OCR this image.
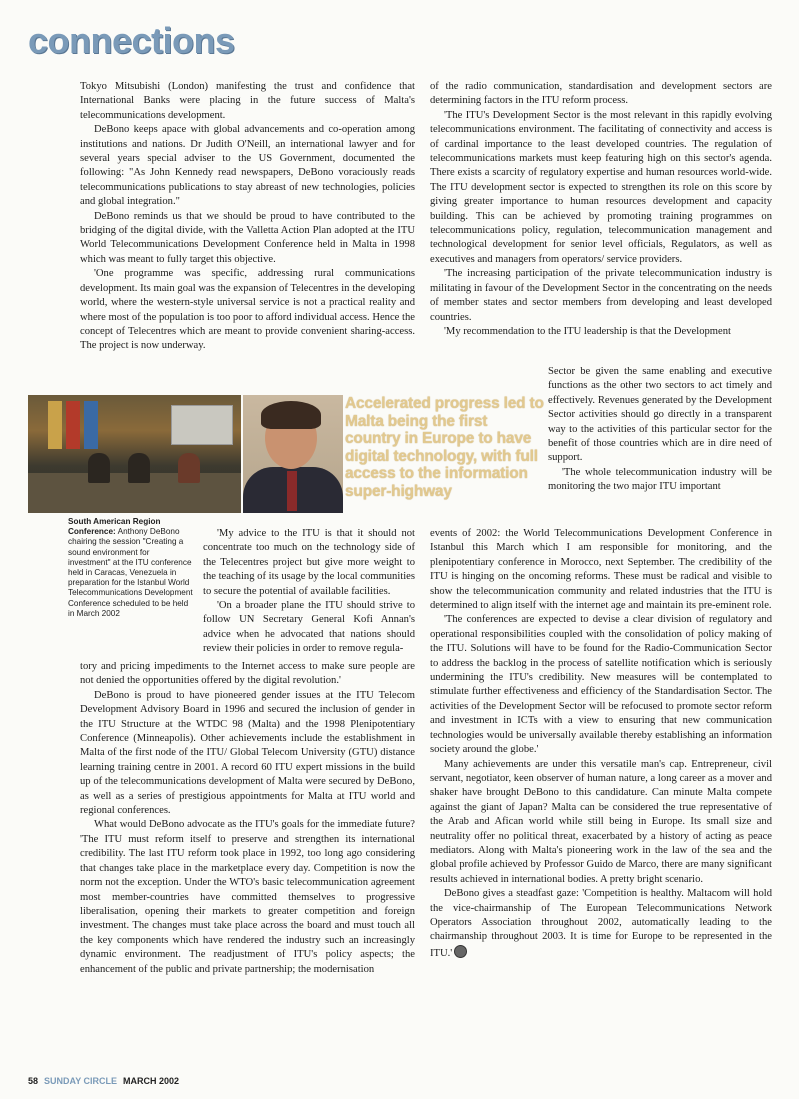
connections

Tokyo Mitsubishi (London) manifesting the trust and confidence that International Banks were placing in the future success of Malta's telecommunications development.

DeBono keeps apace with global advancements and co-operation among institutions and nations. Dr Judith O'Neill, an international lawyer and for several years special adviser to the US Government, documented the following: "As John Kennedy read newspapers, DeBono voraciously reads telecommunications publications to stay abreast of new technologies, policies and global integration."

DeBono reminds us that we should be proud to have contributed to the bridging of the digital divide, with the Valletta Action Plan adopted at the ITU World Telecommunications Development Conference held in Malta in 1998 which was meant to fully target this objective.

'One programme was specific, addressing rural communications development. Its main goal was the expansion of Telecentres in the developing world, where the western-style universal service is not a practical reality and where most of the population is too poor to afford individual access. Hence the concept of Telecentres which are meant to provide convenient sharing-access. The project is now underway.

of the radio communication, standardisation and development sectors are determining factors in the ITU reform process.

'The ITU's Development Sector is the most relevant in this rapidly evolving telecommunications environment. The facilitating of connectivity and access is of cardinal importance to the least developed countries. The regulation of telecommunications markets must keep featuring high on this sector's agenda. There exists a scarcity of regulatory expertise and human resources world-wide. The ITU development sector is expected to strengthen its role on this score by giving greater importance to human resources development and capacity building. This can be achieved by promoting training programmes on telecommunications policy, regulation, telecommunication management and technological development for senior level officials, Regulators, as well as executives and managers from operators/ service providers.

'The increasing participation of the private telecommunication industry is militating in favour of the Development Sector in the concentrating on the needs of member states and sector members from developing and least developed countries.

'My recommendation to the ITU leadership is that the Development

Accelerated progress led to Malta being the first country in Europe to have digital technology, with full access to the information super-highway

Sector be given the same enabling and executive functions as the other two sectors to act timely and effectively. Revenues generated by the Development Sector activities should go directly in a transparent way to the activities of this particular sector for the benefit of those countries which are in dire need of support.

'The whole telecommunication industry will be monitoring the two major ITU important

South American Region Conference: Anthony DeBono chairing the session "Creating a sound environment for investment" at the ITU conference held in Caracas, Venezuela in preparation for the Istanbul World Telecommunications Development Conference scheduled to be held in March 2002

'My advice to the ITU is that it should not concentrate too much on the technology side of the Telecentres project but give more weight to the teaching of its usage by the local communities to secure the potential of available facilities.

'On a broader plane the ITU should strive to follow UN Secretary General Kofi Annan's advice when he advocated that nations should review their policies in order to remove regula-

tory and pricing impediments to the Internet access to make sure people are not denied the opportunities offered by the digital revolution.'

DeBono is proud to have pioneered gender issues at the ITU Telecom Development Advisory Board in 1996 and secured the inclusion of gender in the ITU Structure at the WTDC 98 (Malta) and the 1998 Plenipotentiary Conference (Minneapolis). Other achievements include the establishment in Malta of the first node of the ITU/ Global Telecom University (GTU) distance learning training centre in 2001. A record 60 ITU expert missions in the build up of the telecommunications development of Malta were secured by DeBono, as well as a series of prestigious appointments for Malta at ITU world and regional conferences.

What would DeBono advocate as the ITU's goals for the immediate future? 'The ITU must reform itself to preserve and strengthen its international credibility. The last ITU reform took place in 1992, too long ago considering that changes take place in the marketplace every day. Competition is now the norm not the exception. Under the WTO's basic telecommunication agreement most member-countries have committed themselves to progressive liberalisation, opening their markets to greater competition and foreign investment. The changes must take place across the board and must touch all the key components which have rendered the industry such an increasingly dynamic environment. The readjustment of ITU's policy aspects; the enhancement of the public and private partnership; the modernisation

events of 2002: the World Telecommunications Development Conference in Istanbul this March which I am responsible for monitoring, and the plenipotentiary conference in Morocco, next September. The credibility of the ITU is hinging on the oncoming reforms. These must be radical and visible to show the telecommunication community and related industries that the ITU is determined to align itself with the internet age and maintain its pre-eminent role.

'The conferences are expected to devise a clear division of regulatory and operational responsibilities coupled with the consolidation of policy making of the ITU. Solutions will have to be found for the Radio-Communication Sector to address the backlog in the process of satellite notification which is seriously undermining the ITU's credibility. New measures will be contemplated to stimulate further effectiveness and efficiency of the Standardisation Sector. The activities of the Development Sector will be refocused to promote sector reform and investment in ICTs with a view to ensuring that new communication technologies would be universally available thereby establishing an information society around the globe.'

Many achievements are under this versatile man's cap. Entrepreneur, civil servant, negotiator, keen observer of human nature, a long career as a mover and shaker have brought DeBono to this candidature. Can minute Malta compete against the giant of Japan? Malta can be considered the true representative of the Arab and Afican world while still being in Europe. Its small size and neutrality offer no political threat, exacerbated by a history of acting as peace mediators. Along with Malta's pioneering work in the law of the sea and the global profile achieved by Professor Guido de Marco, there are many significant results achieved in international bodies. A pretty bright scenario.

DeBono gives a steadfast gaze: 'Competition is healthy. Maltacom will hold the vice-chairmanship of The European Telecommunications Network Operators Association throughout 2002, automatically leading to the chairmanship throughout 2003. It is time for Europe to be represented in the ITU.'

58 SUNDAY CIRCLE MARCH 2002
